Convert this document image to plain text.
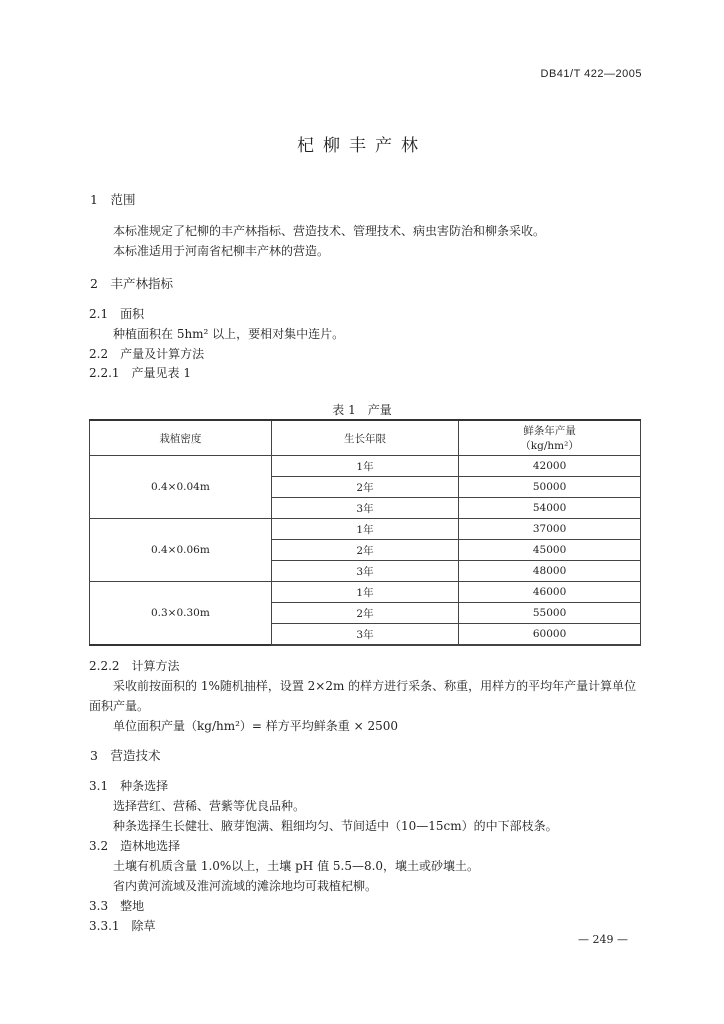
DB41/T 422—2005
杞柳丰产林
1　范围
本标准规定了杞柳的丰产林指标、营造技术、管理技术、病虫害防治和柳条采收。
本标准适用于河南省杞柳丰产林的营造。
2　丰产林指标
2.1　面积
种植面积在 5hm² 以上，要相对集中连片。
2.2　产量及计算方法
2.2.1　产量见表 1
表 1　产量
栽植密度	生长年限	鲜条年产量
（kg/hm²）
0.4×0.04m	1年	42000
	2年	50000
	3年	54000
0.4×0.06m	1年	37000
	2年	45000
	3年	48000
0.3×0.30m	1年	46000
	2年	55000
	3年	60000
2.2.2　计算方法
采收前按面积的 1%随机抽样，设置 2×2m 的样方进行采条、称重，用样方的平均年产量计算单位
面积产量。
单位面积产量（kg/hm²）= 样方平均鲜条重 × 2500
3　营造技术
3.1　种条选择
选择营红、营稀、营紫等优良品种。
种条选择生长健壮、腋芽饱满、粗细均匀、节间适中（10—15cm）的中下部枝条。
3.2　造林地选择
土壤有机质含量 1.0%以上，土壤 pH 值 5.5—8.0，壤土或砂壤土。
省内黄河流域及淮河流域的滩涂地均可栽植杞柳。
3.3　整地
3.3.1　除草
— 249 —
